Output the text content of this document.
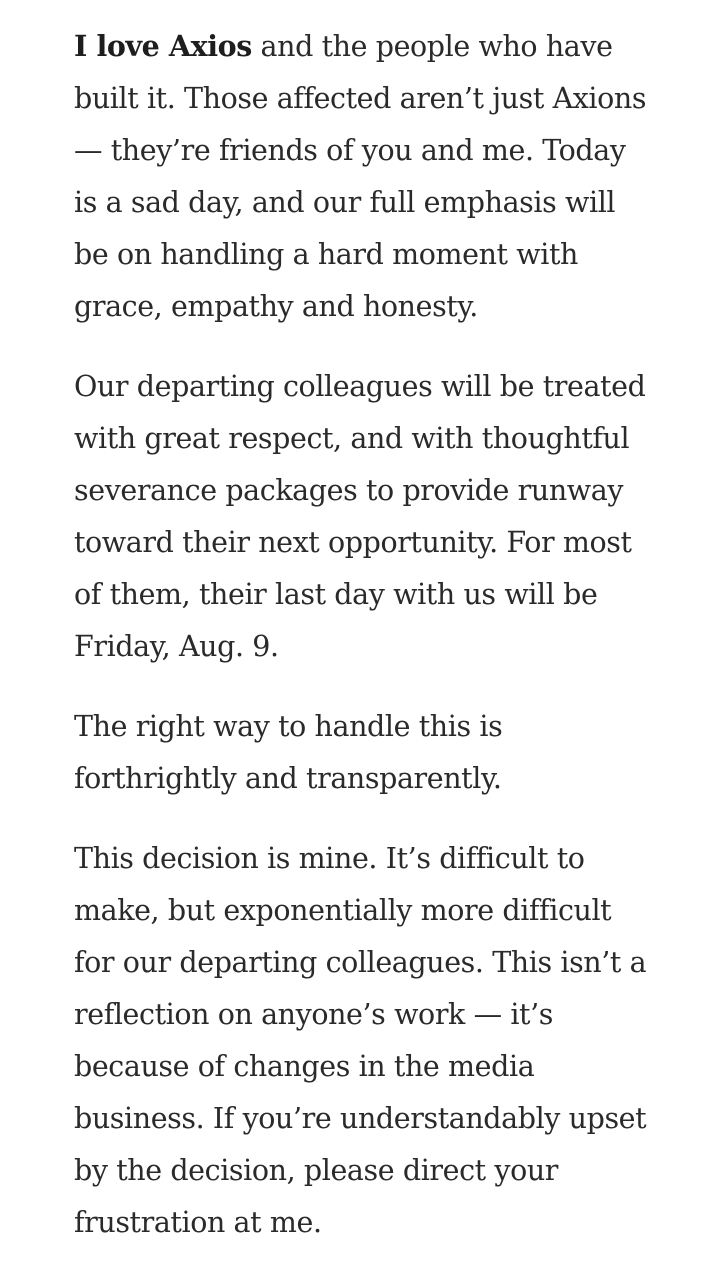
I love Axios and the people who have
built it. Those affected aren’t just Axions
— they’re friends of you and me. Today
is a sad day, and our full emphasis will
be on handling a hard moment with
grace, empathy and honesty.

Our departing colleagues will be treated
with great respect, and with thoughtful
severance packages to provide runway
toward their next opportunity. For most
of them, their last day with us will be
Friday, Aug. 9.

The right way to handle this is
forthrightly and transparently.

This decision is mine. It’s difficult to
make, but exponentially more difficult
for our departing colleagues. This isn’t a
reflection on anyone’s work — it’s
because of changes in the media
business. If you’re understandably upset
by the decision, please direct your
frustration at me.
